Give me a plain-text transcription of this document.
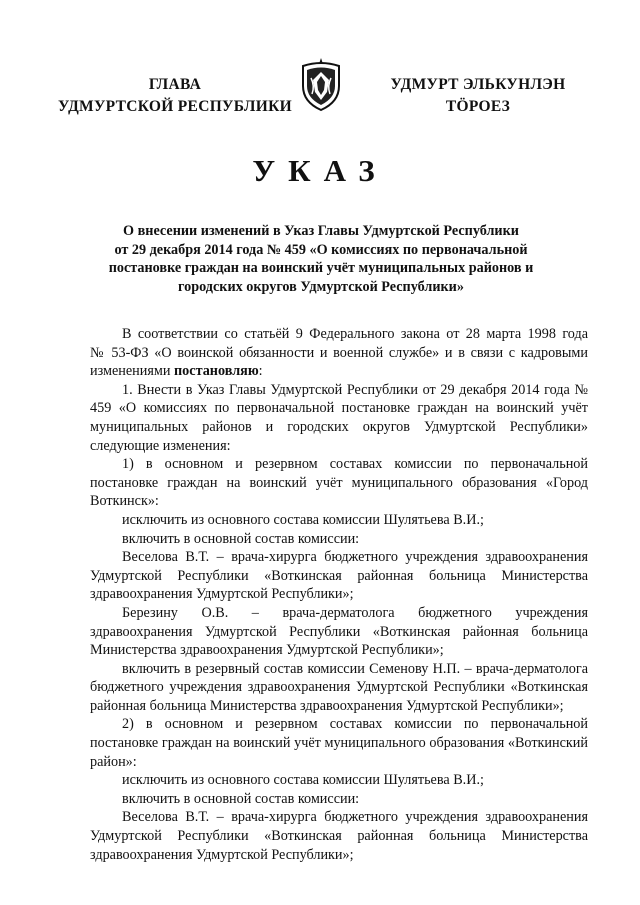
ГЛАВА
УДМУРТСКОЙ РЕСПУБЛИКИ
УДМУРТ ЭЛЬКУНЛЭН
ТӦРОЕЗ
УКАЗ
О внесении изменений в Указ Главы Удмуртской Республики
от 29 декабря 2014 года № 459 «О комиссиях по первоначальной
постановке граждан на воинский учёт муниципальных районов и
городских округов Удмуртской Республики»
В соответствии со статьёй 9 Федерального закона от 28 марта 1998 года
№ 53-ФЗ «О воинской обязанности и военной службе» и в связи с кадровыми
изменениями постановляю:
1. Внести в Указ Главы Удмуртской Республики от 29 декабря 2014 года № 459 «О комиссиях по первоначальной постановке граждан на воинский учёт муниципальных районов и городских округов Удмуртской Республики» следующие изменения:
1) в основном и резервном составах комиссии по первоначальной постановке граждан на воинский учёт муниципального образования «Город Воткинск»:
исключить из основного состава комиссии Шулятьева В.И.;
включить в основной состав комиссии:
Веселова В.Т. – врача-хирурга бюджетного учреждения здравоохранения Удмуртской Республики «Воткинская районная больница Министерства здравоохранения Удмуртской Республики»;
Березину О.В. – врача-дерматолога бюджетного учреждения здравоохранения Удмуртской Республики «Воткинская районная больница Министерства здравоохранения Удмуртской Республики»;
включить в резервный состав комиссии Семенову Н.П. – врача-дерматолога бюджетного учреждения здравоохранения Удмуртской Республики «Воткинская районная больница Министерства здравоохранения Удмуртской Республики»;
2) в основном и резервном составах комиссии по первоначальной постановке граждан на воинский учёт муниципального образования «Воткинский район»:
исключить из основного состава комиссии Шулятьева В.И.;
включить в основной состав комиссии:
Веселова В.Т. – врача-хирурга бюджетного учреждения здравоохранения Удмуртской Республики «Воткинская районная больница Министерства здравоохранения Удмуртской Республики»;
